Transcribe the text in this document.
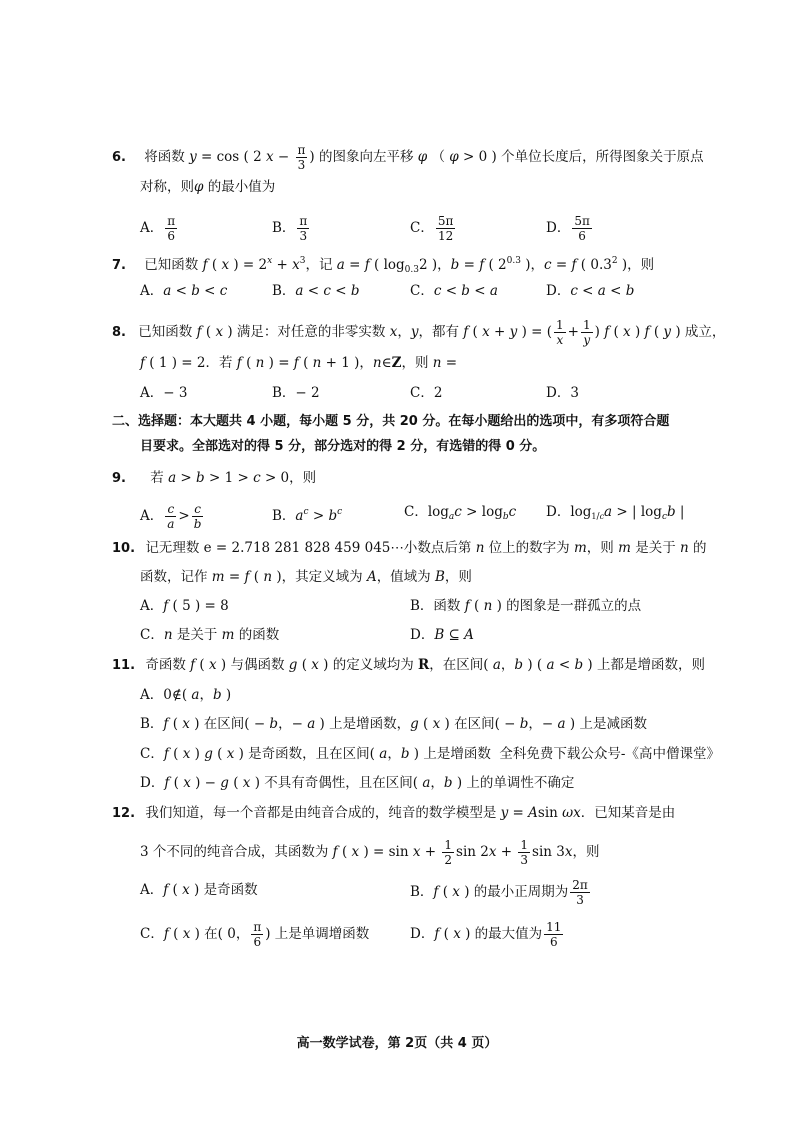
6. 将函数 y = cos ( 2 $x - \frac{\pi}{3}$ ) 的图象向左平移 φ （ φ > 0 ) 个单位长度后，所得图象关于原点
对称，则φ 的最小值为
A． $\frac{\pi}{6}$	B． $\frac{\pi}{3}$	C． $\frac{5\pi}{12}$	D． $\frac{5\pi}{6}$
7. 已知函数 f ( x ) = $2^x + x^3$，记 a = f ( $\log_{0.3}2$ )，b = f ( $2^{0.3}$ )，c = f ( $0.3^2$ )，则
A．a < b < c	B．a < c < b	C．c < b < a	D．c < a < b
8. 已知函数 f ( x ) 满足：对任意的非零实数 x，y，都有 f ( x + y ) = ( $\frac{1}{x} + \frac{1}{y}$ ) f ( x ) f ( y ) 成立，
f ( 1 ) = 2．若 f ( n ) = f ( n + 1 )，n∈Z，则 n =
A．− 3	B．− 2	C．2	D．3
二、选择题：本大题共 4 小题，每小题 5 分，共 20 分。在每小题给出的选项中，有多项符合题
目要求。全部选对的得 5 分，部分选对的得 2 分，有选错的得 0 分。
9. 若 a > b > 1 > c > 0，则
A． $\frac{c}{a} > \frac{c}{b}$	B．$a^c > b^c$	C．$\log_ac > \log_bc$ D．$\log_{1/c}a$ > | $\log_cb$ |
10. 记无理数 e = 2.718 281 828 459 045⋯小数点后第 n 位上的数字为 m，则 m 是关于 n 的
函数，记作 m = f ( n )，其定义域为 A，值域为 B，则
A．f ( 5 ) = 8	B．函数 f ( n ) 的图象是一群孤立的点
C．n 是关于 m 的函数	D．B ⊆ A
11. 奇函数 f ( x ) 与偶函数 g ( x ) 的定义域均为 R，在区间( a，b ) ( a < b ) 上都是增函数，则
A．0∉( a，b )
B．f ( x ) 在区间( − b，− a ) 上是增函数，g ( x ) 在区间( − b，− a ) 上是减函数
C．f ( x ) g ( x ) 是奇函数，且在区间( a，b ) 上是增函数  全科免费下载公众号-《高中僧课堂》
D．f ( x ) − g ( x ) 不具有奇偶性，且在区间( a，b ) 上的单调性不确定
12. 我们知道，每一个音都是由纯音合成的，纯音的数学模型是 y = Asin ωx．已知某音是由
3 个不同的纯音合成，其函数为 f ( x ) = $\sin x + \frac{1}{2}$ $\sin 2x + \frac{1}{3}$ sin 3x，则
A．f ( x ) 是奇函数	B．f ( x ) 的最小正周期为 $\frac{2\pi}{3}$
C．f ( x ) 在( 0， $\frac{\pi}{6}$ ) 上是单调增函数	D．f ( x ) 的最大值为 $\frac{11}{6}$
高一数学试卷，第 2页（共 4 页）
